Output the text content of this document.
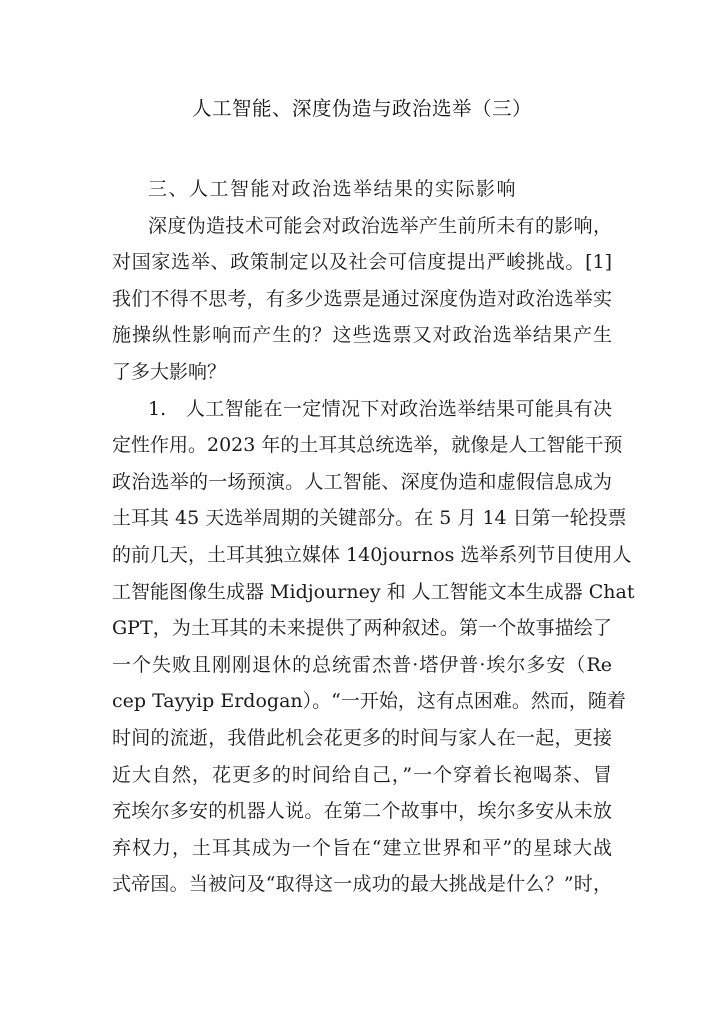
人工智能、深度伪造与政治选举（三）
三、人工智能对政治选举结果的实际影响
深度伪造技术可能会对政治选举产生前所未有的影响，
对国家选举、政策制定以及社会可信度提出严峻挑战。[1]
我们不得不思考，有多少选票是通过深度伪造对政治选举实
施操纵性影响而产生的？这些选票又对政治选举结果产生
了多大影响？
1.　人工智能在一定情况下对政治选举结果可能具有决
定性作用。2023 年的土耳其总统选举，就像是人工智能干预
政治选举的一场预演。人工智能、深度伪造和虚假信息成为
土耳其 45 天选举周期的关键部分。在 5 月 14 日第一轮投票
的前几天，土耳其独立媒体 140journos 选举系列节目使用人
工智能图像生成器 Midjourney 和 人工智能文本生成器 Chat
GPT，为土耳其的未来提供了两种叙述。第一个故事描绘了
一个失败且刚刚退休的总统雷杰普·塔伊普·埃尔多安（Re
cep Tayyip Erdogan）。“一开始，这有点困难。然而，随着
时间的流逝，我借此机会花更多的时间与家人在一起，更接
近大自然，花更多的时间给自己，”一个穿着长袍喝茶、冒
充埃尔多安的机器人说。在第二个故事中，埃尔多安从未放
弃权力，土耳其成为一个旨在“建立世界和平”的星球大战
式帝国。当被问及“取得这一成功的最大挑战是什么？”时，
